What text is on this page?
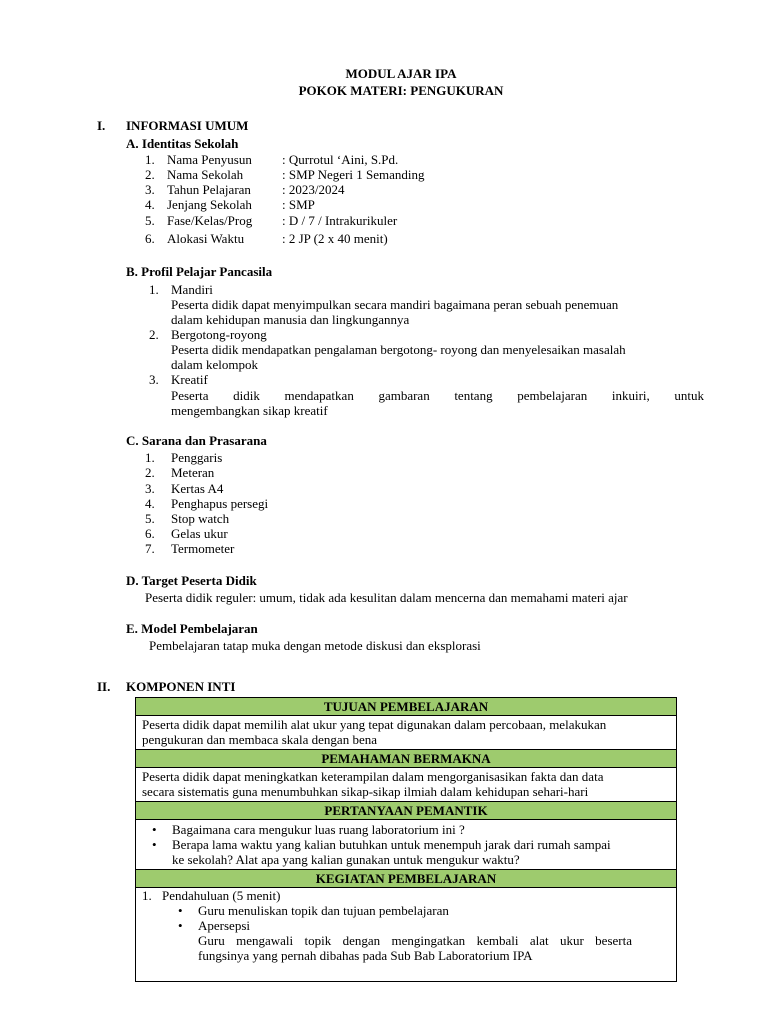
MODUL AJAR IPA
POKOK MATERI: PENGUKURAN
I. INFORMASI UMUM
A. Identitas Sekolah
1. Nama Penyusun : Qurrotul ‘Aini, S.Pd.
2. Nama Sekolah	: SMP Negeri 1 Semanding
3. Tahun Pelajaran : 2023/2024
4. Jenjang Sekolah : SMP
5. Fase/Kelas/Prog : D / 7 / Intrakurikuler
6. Alokasi Waktu	: 2 JP (2 x 40 menit)
B. Profil Pelajar Pancasila
1. Mandiri
Peserta didik dapat menyimpulkan secara mandiri bagaimana peran sebuah penemuan
dalam kehidupan manusia dan lingkungannya
2. Bergotong-royong
Peserta didik mendapatkan pengalaman bergotong- royong dan menyelesaikan masalah
dalam kelompok
3. Kreatif
Peserta didik mendapatkan gambaran tentang pembelajaran inkuiri, untuk
mengembangkan sikap kreatif
C. Sarana dan Prasarana
1. Penggaris
2. Meteran
3. Kertas A4
4. Penghapus persegi
5. Stop watch
6. Gelas ukur
7. Termometer
D. Target Peserta Didik
Peserta didik reguler: umum, tidak ada kesulitan dalam mencerna dan memahami materi ajar
E. Model Pembelajaran
Pembelajaran tatap muka dengan metode diskusi dan eksplorasi
II. KOMPONEN INTI
TUJUAN PEMBELAJARAN
Peserta didik dapat memilih alat ukur yang tepat digunakan dalam percobaan, melakukan
pengukuran dan membaca skala dengan bena
PEMAHAMAN BERMAKNA
Peserta didik dapat meningkatkan keterampilan dalam mengorganisasikan fakta dan data
secara sistematis guna menumbuhkan sikap-sikap ilmiah dalam kehidupan sehari-hari
PERTANYAAN PEMANTIK
• Bagaimana cara mengukur luas ruang laboratorium ini ?
• Berapa lama waktu yang kalian butuhkan untuk menempuh jarak dari rumah sampai
ke sekolah? Alat apa yang kalian gunakan untuk mengukur waktu?
KEGIATAN PEMBELAJARAN
1. Pendahuluan (5 menit)
• Guru menuliskan topik dan tujuan pembelajaran
• Apersepsi
Guru mengawali topik dengan mengingatkan kembali alat ukur beserta
fungsinya yang pernah dibahas pada Sub Bab Laboratorium IPA
